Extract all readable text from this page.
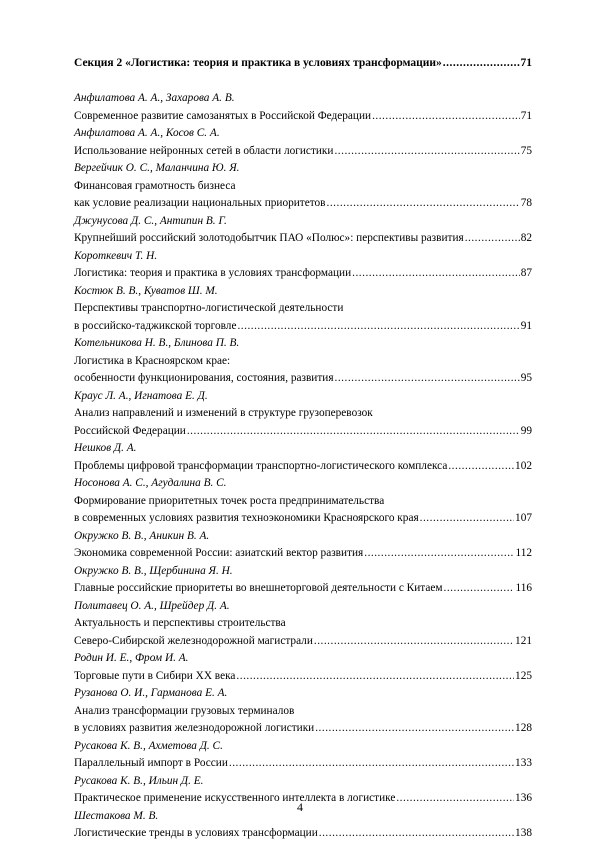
Секция 2 «Логистика: теория и практика в условиях трансформации» .....	71
Анфилатова А. А., Захарова А. В.
Современное развитие самозанятых в Российской Федерации .....	71
Анфилатова А. А., Косов С. А.
Использование нейронных сетей в области логистики .....	75
Вергейчик О. С., Маланчина Ю. Я.
Финансовая грамотность бизнеса
как условие реализации национальных приоритетов .....	78
Джунусова Д. С., Антипин В. Г.
Крупнейший российский золотодобытчик ПАО «Полюс»: перспективы развития .....	82
Короткевич Т. Н.
Логистика: теория и практика в условиях трансформации .....	87
Костюк В. В., Куватов Ш. М.
Перспективы транспортно-логистической деятельности
в российско-таджикской торговле .....	91
Котельникова Н. В., Блинова П. В.
Логистика в Красноярском крае:
особенности функционирования, состояния, развития .....	95
Краус Л. А., Игнатова Е. Д.
Анализ направлений и изменений в структуре грузоперевозок
Российской Федерации .....	99
Нешков Д. А.
Проблемы цифровой трансформации транспортно-логистического комплекса .....	102
Носонова А. С., Агудалина В. С.
Формирование приоритетных точек роста предпринимательства
в современных условиях развития техноэкономики Красноярского края .....	107
Окружко В. В., Аникин В. А.
Экономика современной России: азиатский вектор развития .....	112
Окружко В. В., Щербинина Я. Н.
Главные российские приоритеты во внешнеторговой деятельности с Китаем .....	116
Политавец О. А., Шрейдер Д. А.
Актуальность и перспективы строительства
Северо-Сибирской железнодорожной магистрали .....	121
Родин И. Е., Фром И. А.
Торговые пути в Сибири XX века .....	125
Рузанова О. И., Гарманова Е. А.
Анализ трансформации грузовых терминалов
в условиях развития железнодорожной логистики .....	128
Русакова К. В., Ахметова Д. С.
Параллельный импорт в России .....	133
Русакова К. В., Ильин Д. Е.
Практическое применение искусственного интеллекта в логистике .....	136
Шестакова М. В.
Логистические тренды в условиях трансформации .....	138
4
